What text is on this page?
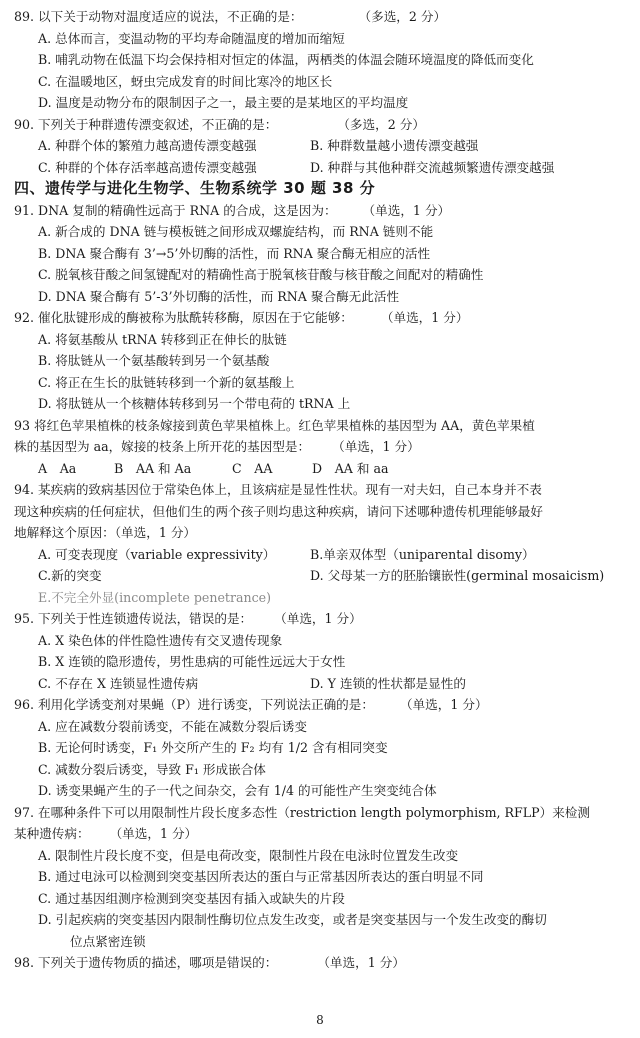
89. 以下关于动物对温度适应的说法，不正确的是：	（多选，2 分）
A. 总体而言，变温动物的平均寿命随温度的增加而缩短
B. 哺乳动物在低温下均会保持相对恒定的体温，两栖类的体温会随环境温度的降低而变化
C. 在温暖地区，蚜虫完成发育的时间比寒冷的地区长
D. 温度是动物分布的限制因子之一，最主要的是某地区的平均温度
90. 下列关于种群遗传漂变叙述，不正确的是：	（多选，2 分）
A. 种群个体的繁殖力越高遗传漂变越强	B. 种群数量越小遗传漂变越强
C. 种群的个体存活率越高遗传漂变越强	D. 种群与其他种群交流越频繁遗传漂变越强
四、遗传学与进化生物学、生物系统学 30 题 38 分
91. DNA 复制的精确性远高于 RNA 的合成，这是因为： （单选，1 分）
A. 新合成的 DNA 链与模板链之间形成双螺旋结构，而 RNA 链则不能
B. DNA 聚合酶有 3’→5’外切酶的活性，而 RNA 聚合酶无相应的活性
C. 脱氧核苷酸之间氢键配对的精确性高于脱氧核苷酸与核苷酸之间配对的精确性
D. DNA 聚合酶有 5’-3’外切酶的活性，而 RNA 聚合酶无此活性
92. 催化肽键形成的酶被称为肽酰转移酶，原因在于它能够： （单选，1 分）
A. 将氨基酸从 tRNA 转移到正在伸长的肽链
B. 将肽链从一个氨基酸转到另一个氨基酸
C. 将正在生长的肽链转移到一个新的氨基酸上
D. 将肽链从一个核糖体转移到另一个带电荷的 tRNA 上
93 将红色苹果植株的枝条嫁接到黄色苹果植株上。红色苹果植株的基因型为 AA，黄色苹果植
株的基因型为 aa，嫁接的枝条上所开花的基因型是： （单选，1 分）
A　Aa	B　AA 和 Aa	C　AA	D　AA 和 aa
94. 某疾病的致病基因位于常染色体上，且该病症是显性性状。现有一对夫妇，自己本身并不表
现这种疾病的任何症状，但他们生的两个孩子则均患这种疾病，请问下述哪种遗传机理能够最好
地解释这个原因：（单选，1 分）
A. 可变表现度（variable expressivity）	B.单亲双体型（uniparental disomy）
C.新的突变	D. 父母某一方的胚胎镶嵌性(germinal mosaicism)
E.不完全外显(incomplete penetrance)
95. 下列关于性连锁遗传说法，错误的是： （单选，1 分）
A. X 染色体的伴性隐性遗传有交叉遗传现象
B. X 连锁的隐形遗传，男性患病的可能性远远大于女性
C. 不存在 X 连锁显性遗传病	D. Y 连锁的性状都是显性的
96. 利用化学诱变剂对果蝇（P）进行诱变，下列说法正确的是： （单选，1 分）
A. 应在减数分裂前诱变，不能在减数分裂后诱变
B. 无论何时诱变，F₁ 外交所产生的 F₂ 均有 1/2 含有相同突变
C. 减数分裂后诱变，导致 F₁ 形成嵌合体
D. 诱变果蝇产生的子一代之间杂交，会有 1/4 的可能性产生突变纯合体
97. 在哪种条件下可以用限制性片段长度多态性（restriction length polymorphism, RFLP）来检测
某种遗传病： （单选，1 分）
A. 限制性片段长度不变，但是电荷改变，限制性片段在电泳时位置发生改变
B. 通过电泳可以检测到突变基因所表达的蛋白与正常基因所表达的蛋白明显不同
C. 通过基因组测序检测到突变基因有插入或缺失的片段
D. 引起疾病的突变基因内限制性酶切位点发生改变，或者是突变基因与一个发生改变的酶切
位点紧密连锁
98. 下列关于遗传物质的描述，哪项是错误的：	（单选，1 分）
8
